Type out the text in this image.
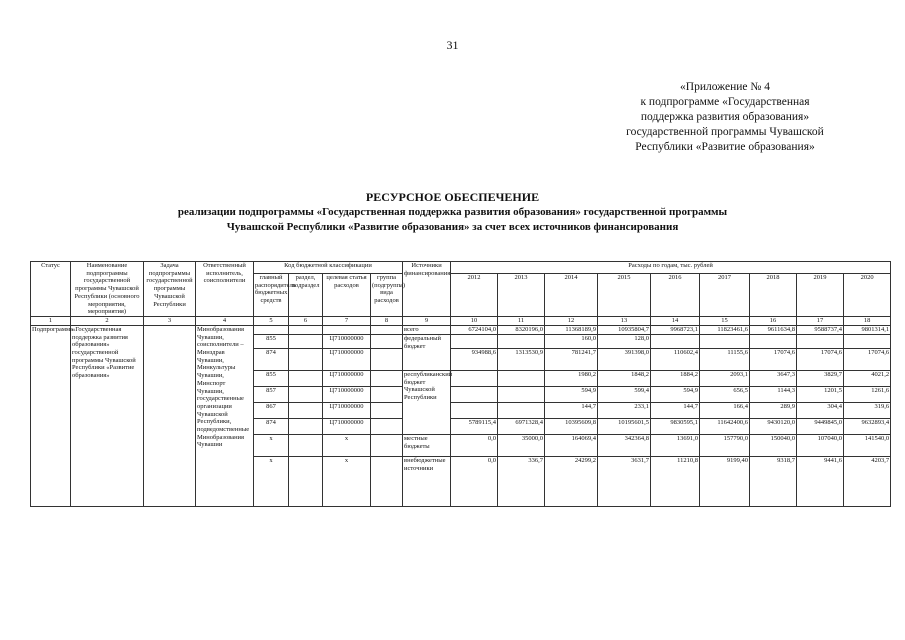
31
«Приложение № 4
к подпрограмме «Государственная
поддержка развития образования»
государственной программы Чувашской
Республики «Развитие образования»
РЕСУРСНОЕ ОБЕСПЕЧЕНИЕ
реализации подпрограммы «Государственная поддержка развития образования» государственной программы
Чувашской Республики «Развитие образования» за счет всех источников финансирования
Статус	Наименование подпрограммы государственной программы Чувашской Республики (основного мероприятия, мероприятия)	Задача подпрограммы государственной программы Чувашской Республики	Ответственный исполнитель, соисполнители	Код бюджетной классификации				Источники финансирования	Расходы по годам, тыс. рублей								
				главный распорядитель бюджетных средств	раздел, подраздел	целевая статья расходов	группа (подгруппа) вида расходов		2012	2013	2014	2015	2016	2017	2018	2019	2020
1	2	3	4	5	6	7	8	9	10	11	12	13	14	15	16	17	18
Подпрограмма	«Государственная поддержка развития образования» государственной программы Чувашской Республики «Развитие образования»		Минобразования Чувашии, соисполнители – Минздрав Чувашии, Минкультуры Чувашии, Минспорт Чувашии, государственные организации Чувашской Республики, подведомственные Минобразования Чувашии					всего	6724104,0	8320196,0	11368189,9	10935804,7	9968723,1	11823461,6	9611634,8	9588737,4	9801314,1
				855		Ц710000000		федеральный бюджет			160,0	128,0					
				874		Ц710000000			934988,6	1313530,9	781241,7	391398,0	110602,4	11155,6	17074,6	17074,6	17074,6
				855		Ц710000000		республиканский бюджет Чувашской Республики			1980,2	1848,2	1884,2	2093,1	3647,3	3829,7	4021,2
				857		Ц710000000					594,9	599,4	594,9	656,5	1144,3	1201,5	1261,6
				867		Ц710000000					144,7	233,1	144,7	166,4	289,9	304,4	319,6
				874		Ц710000000			5789115,4	6971328,4	10395609,8	10195601,5	9830595,1	11642400,6	9430120,0	9449845,0	9632893,4
				x		x		местные бюджеты	0,0	35000,0	164069,4	342364,8	13691,0	157790,0	150040,0	107040,0	141540,0
				x		x		внебюджетные источники	0,0	336,7	24299,2	3631,7	11210,8	9199,40	9318,7	9441,6	4203,7
